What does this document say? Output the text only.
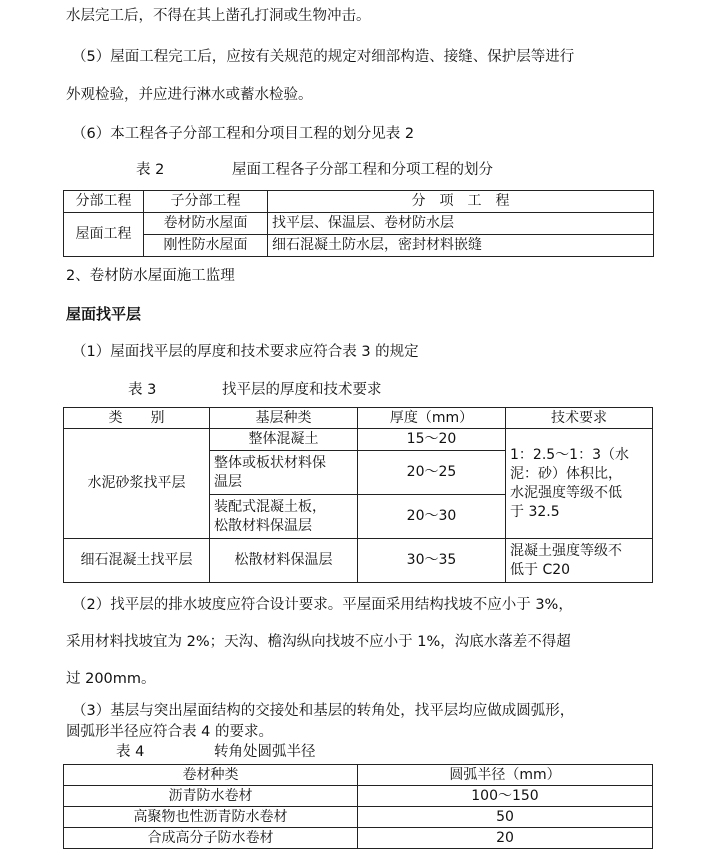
水层完工后，不得在其上凿孔打洞或生物冲击。
（5）屋面工程完工后，应按有关规范的规定对细部构造、接缝、保护层等进行
外观检验，并应进行淋水或蓄水检验。
（6）本工程各子分部工程和分项目工程的划分见表 2
表 2	屋面工程各子分部工程和分项工程的划分
分部工程	子分部工程	分　项　工　程
屋面工程	卷材防水屋面	找平层、保温层、卷材防水层
	刚性防水屋面	细石混凝土防水层，密封材料嵌缝
2、卷材防水屋面施工监理
屋面找平层
（1）屋面找平层的厚度和技术要求应符合表 3 的规定
表 3	找平层的厚度和技术要求
类　　别	基层种类	厚度（mm）	技术要求
水泥砂浆找平层	整体混凝土	15～20	1：2.5～1：3（水
泥：砂）体积比，
水泥强度等级不低
于 32.5

	整体或板状材料保
温层	20～25	

	装配式混凝土板，
松散材料保温层	20～30	
细石混凝土找平层	松散材料保温层	30～35	混凝土强度等级不
低于 C20
（2）找平层的排水坡度应符合设计要求。平屋面采用结构找坡不应小于 3%，
采用材料找坡宜为 2%；天沟、檐沟纵向找坡不应小于 1%，沟底水落差不得超
过 200mm。
（3）基层与突出屋面结构的交接处和基层的转角处，找平层均应做成圆弧形，
圆弧形半径应符合表 4 的要求。
表 4	转角处圆弧半径
卷材种类	圆弧半径（mm）
沥青防水卷材	100～150
高聚物也性沥青防水卷材	50
合成高分子防水卷材	20
